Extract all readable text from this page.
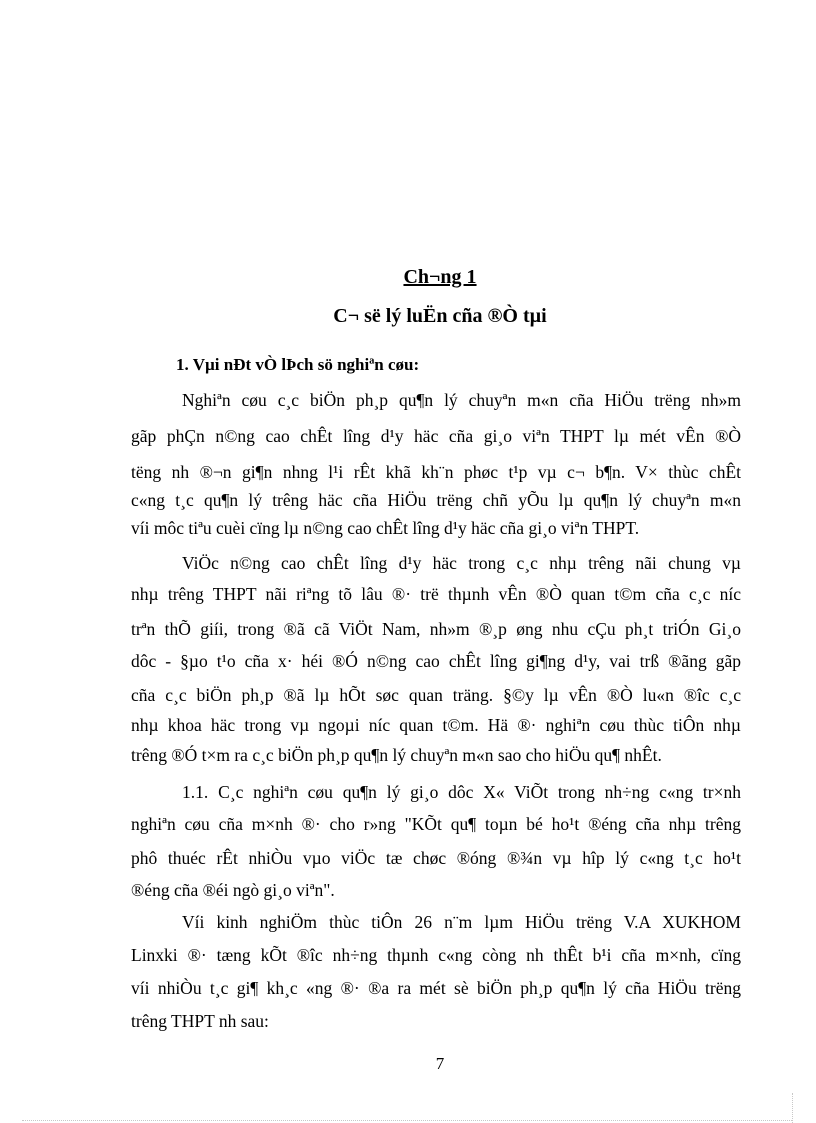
Ch¬ng 1
C¬ së lý luËn cña ®Ò tµi
1. Vµi nÐt vÒ lÞch sö nghiªn cøu:
Nghiªn cøu c¸c biÖn ph¸p qu¶n lý chuyªn m«n cña HiÖu trëng nh»m
gãp phÇn n©ng cao chÊt lîng d¹y häc cña gi¸o viªn THPT lµ mét vÊn ®Ò
tëng nh ®¬n gi¶n nhng l¹i rÊt khã kh¨n phøc t¹p vµ c¬ b¶n. V× thùc chÊt
c«ng t¸c qu¶n lý trêng häc cña HiÖu trëng chñ yÕu lµ qu¶n lý chuyªn m«n
víi môc tiªu cuèi cïng lµ n©ng cao chÊt lîng d¹y häc cña gi¸o viªn THPT.
ViÖc n©ng cao chÊt lîng d¹y häc trong c¸c nhµ trêng nãi chung vµ
nhµ trêng THPT nãi riªng tõ lâu ®· trë thµnh vÊn ®Ò quan t©m cña c¸c níc
trªn thÕ giíi, trong ®ã cã ViÖt Nam, nh»m ®¸p øng nhu cÇu ph¸t triÓn Gi¸o
dôc - §µo t¹o cña x· héi ®Ó n©ng cao chÊt lîng gi¶ng d¹y, vai trß ®ãng gãp
cña c¸c biÖn ph¸p ®ã lµ hÕt søc quan träng. §©y lµ vÊn ®Ò lu«n ®îc c¸c
nhµ khoa häc trong vµ ngoµi níc quan t©m. Hä ®· nghiªn cøu thùc tiÔn nhµ
trêng ®Ó t×m ra c¸c biÖn ph¸p qu¶n lý chuyªn m«n sao cho hiÖu qu¶ nhÊt.
1.1. C¸c nghiªn cøu qu¶n lý gi¸o dôc X« ViÕt trong nh÷ng c«ng tr×nh
nghiªn cøu cña m×nh ®· cho r»ng "KÕt qu¶ toµn bé ho¹t ®éng cña nhµ trêng
phô thuéc rÊt nhiÒu vµo viÖc tæ chøc ®óng ®¾n vµ hîp lý c«ng t¸c ho¹t
®éng cña ®éi ngò gi¸o viªn".
Víi kinh nghiÖm thùc tiÔn 26 n¨m lµm HiÖu trëng V.A XUKHOM
Linxki ®· tæng kÕt ®îc nh÷ng thµnh c«ng còng nh thÊt b¹i cña m×nh, cïng
víi nhiÒu t¸c gi¶ kh¸c «ng ®· ®a ra mét sè biÖn ph¸p qu¶n lý cña HiÖu trëng
trêng THPT nh sau:
7
